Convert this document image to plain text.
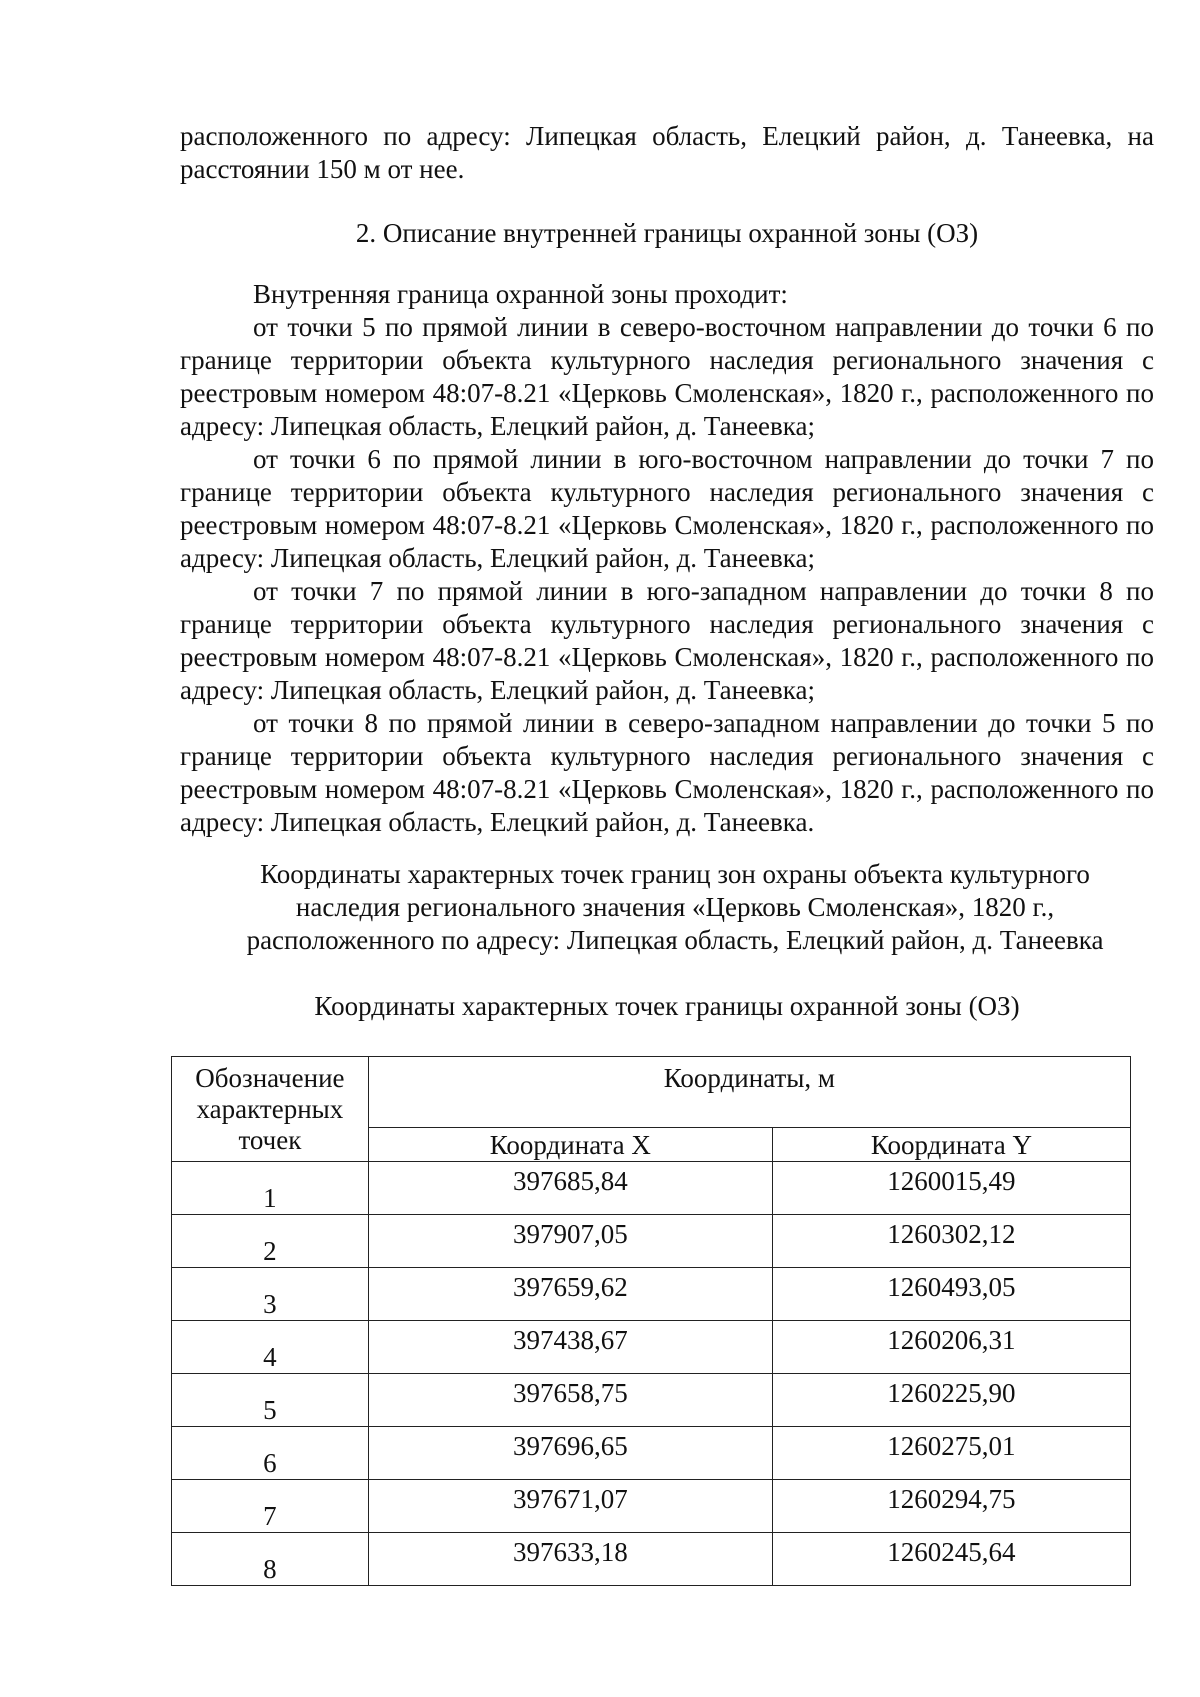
расположенного по адресу: Липецкая область, Елецкий район, д. Танеевка, на расстоянии 150 м от нее.
2. Описание внутренней границы охранной зоны (ОЗ)

Внутренняя граница охранной зоны проходит:

от точки 5 по прямой линии в северо-восточном направлении до точки 6 по границе территории объекта культурного наследия регионального значения с реестровым номером 48:07-8.21 «Церковь Смоленская», 1820 г., расположенного по адресу: Липецкая область, Елецкий район, д. Танеевка;

от точки 6 по прямой линии в юго-восточном направлении до точки 7 по границе территории объекта культурного наследия регионального значения с реестровым номером 48:07-8.21 «Церковь Смоленская», 1820 г., расположенного по адресу: Липецкая область, Елецкий район, д. Танеевка;

от точки 7 по прямой линии в юго-западном направлении до точки 8 по границе территории объекта культурного наследия регионального значения с реестровым номером 48:07-8.21 «Церковь Смоленская», 1820 г., расположенного по адресу: Липецкая область, Елецкий район, д. Танеевка;

от точки 8 по прямой линии в северо-западном направлении до точки 5 по границе территории объекта культурного наследия регионального значения с реестровым номером 48:07-8.21 «Церковь Смоленская», 1820 г., расположенного по адресу: Липецкая область, Елецкий район, д. Танеевка.

Координаты характерных точек границ зон охраны объекта культурного
наследия регионального значения «Церковь Смоленская», 1820 г.,
расположенного по адресу: Липецкая область, Елецкий район, д. Танеевка
Координаты характерных точек границы охранной зоны (ОЗ)
Обозначение характерных точек	Координаты, м	
	Координата X	Координата Y
1	397685,84	1260015,49
2	397907,05	1260302,12
3	397659,62	1260493,05
4	397438,67	1260206,31
5	397658,75	1260225,90
6	397696,65	1260275,01
7	397671,07	1260294,75
8	397633,18	1260245,64
